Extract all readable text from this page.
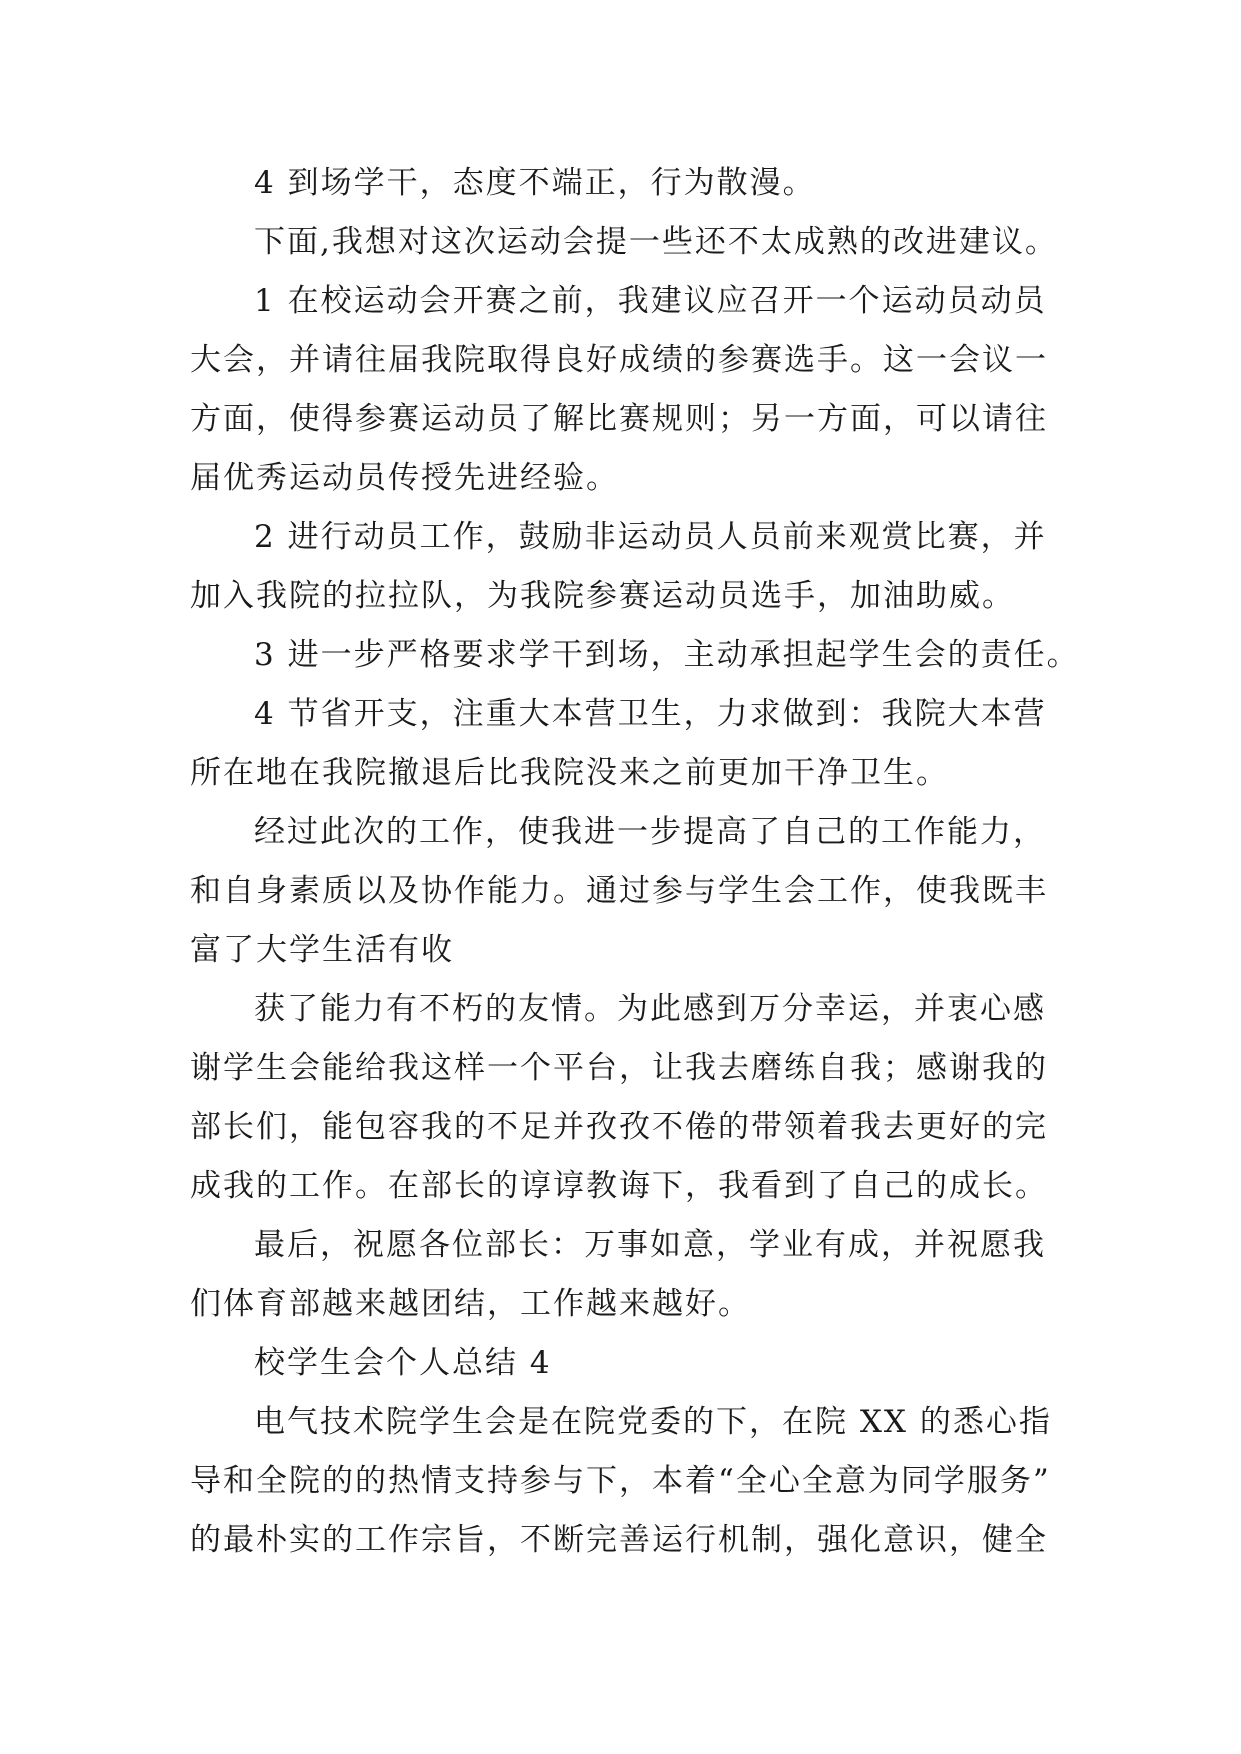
4 到场学干，态度不端正，行为散漫。
下面,我想对这次运动会提一些还不太成熟的改进建议。
1 在校运动会开赛之前，我建议应召开一个运动员动员
大会，并请往届我院取得良好成绩的参赛选手。这一会议一
方面，使得参赛运动员了解比赛规则；另一方面，可以请往
届优秀运动员传授先进经验。
2 进行动员工作，鼓励非运动员人员前来观赏比赛，并
加入我院的拉拉队，为我院参赛运动员选手，加油助威。
3 进一步严格要求学干到场，主动承担起学生会的责任。
4 节省开支，注重大本营卫生，力求做到：我院大本营
所在地在我院撤退后比我院没来之前更加干净卫生。
经过此次的工作，使我进一步提高了自己的工作能力，
和自身素质以及协作能力。通过参与学生会工作，使我既丰
富了大学生活有收
获了能力有不朽的友情。为此感到万分幸运，并衷心感
谢学生会能给我这样一个平台，让我去磨练自我；感谢我的
部长们，能包容我的不足并孜孜不倦的带领着我去更好的完
成我的工作。在部长的谆谆教诲下，我看到了自己的成长。
最后，祝愿各位部长：万事如意，学业有成，并祝愿我
们体育部越来越团结，工作越来越好。
校学生会个人总结 4
电气技术院学生会是在院党委的下，在院 XX 的悉心指
导和全院的的热情支持参与下，本着“全心全意为同学服务”
的最朴实的工作宗旨，不断完善运行机制，强化意识，健全
